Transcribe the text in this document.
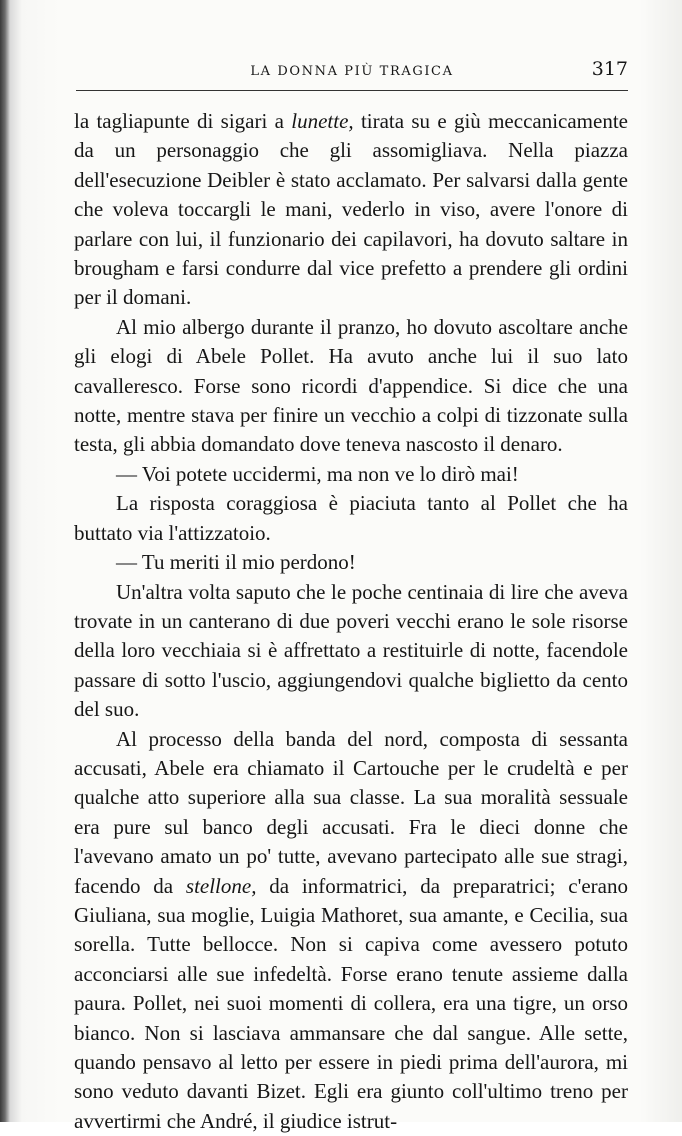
LA DONNA PIÙ TRAGICA	317

la tagliapunte di sigari a lunette, tirata su e giù meccanicamente da un personaggio che gli assomigliava. Nella piazza dell'esecuzione Deibler è stato acclamato. Per salvarsi dalla gente che voleva toccargli le mani, vederlo in viso, avere l'onore di parlare con lui, il funzionario dei capilavori, ha dovuto saltare in brougham e farsi condurre dal vice prefetto a prendere gli ordini per il domani.

Al mio albergo durante il pranzo, ho dovuto ascoltare anche gli elogi di Abele Pollet. Ha avuto anche lui il suo lato cavalleresco. Forse sono ricordi d'appendice. Si dice che una notte, mentre stava per finire un vecchio a colpi di tizzonate sulla testa, gli abbia domandato dove teneva nascosto il denaro.

— Voi potete uccidermi, ma non ve lo dirò mai!

La risposta coraggiosa è piaciuta tanto al Pollet che ha buttato via l'attizzatoio.

— Tu meriti il mio perdono!

Un'altra volta saputo che le poche centinaia di lire che aveva trovate in un canterano di due poveri vecchi erano le sole risorse della loro vecchiaia si è affrettato a restituirle di notte, facendole passare di sotto l'uscio, aggiungendovi qualche biglietto da cento del suo.

Al processo della banda del nord, composta di sessanta accusati, Abele era chiamato il Cartouche per le crudeltà e per qualche atto superiore alla sua classe. La sua moralità sessuale era pure sul banco degli accusati. Fra le dieci donne che l'avevano amato un po' tutte, avevano partecipato alle sue stragi, facendo da stellone, da informatrici, da preparatrici; c'erano Giuliana, sua moglie, Luigia Mathoret, sua amante, e Cecilia, sua sorella. Tutte bellocce. Non si capiva come avessero potuto acconciarsi alle sue infedeltà. Forse erano tenute assieme dalla paura. Pollet, nei suoi momenti di collera, era una tigre, un orso bianco. Non si lasciava ammansare che dal sangue. Alle sette, quando pensavo al letto per essere in piedi prima dell'aurora, mi sono veduto davanti Bizet. Egli era giunto coll'ultimo treno per avvertirmi che André, il giudice istrut-
